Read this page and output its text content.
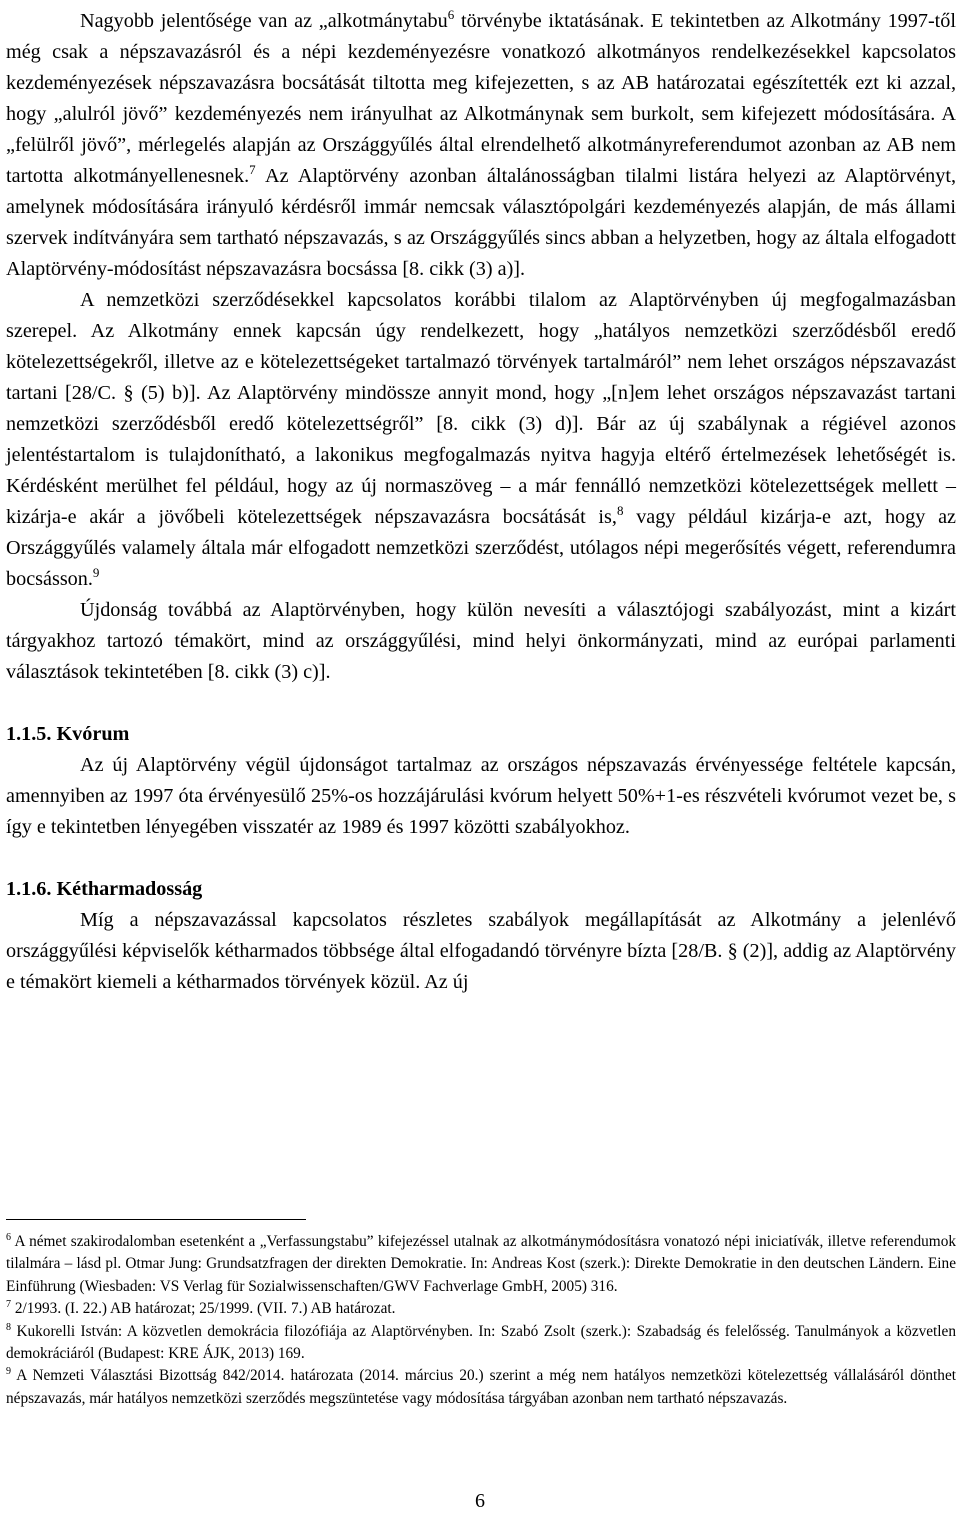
Nagyobb jelentősége van az „alkotmánytabu$^6$ törvénybe iktatásának. E tekintetben az Alkotmány 1997-től még csak a népszavazásról és a népi kezdeményezésre vonatkozó alkotmányos rendelkezésekkel kapcsolatos kezdeményezések népszavazásra bocsátását tiltotta meg kifejezetten, s az AB határozatai egészítették ezt ki azzal, hogy „alulról jövő” kezdeményezés nem irányulhat az Alkotmánynak sem burkolt, sem kifejezett módosítására. A „felülről jövő”, mérlegelés alapján az Országgyűlés által elrendelhető alkotmányreferendumot azonban az AB nem tartotta alkotmányellenesnek.$^7$ Az Alaptörvény azonban általánosságban tilalmi listára helyezi az Alaptörvényt, amelynek módosítására irányuló kérdésről immár nemcsak választópolgári kezdeményezés alapján, de más állami szervek indítványára sem tartható népszavazás, s az Országgyűlés sincs abban a helyzetben, hogy az általa elfogadott Alaptörvény-módosítást népszavazásra bocsássa [8. cikk (3) a)].

A nemzetközi szerződésekkel kapcsolatos korábbi tilalom az Alaptörvényben új megfogalmazásban szerepel. Az Alkotmány ennek kapcsán úgy rendelkezett, hogy „hatályos nemzetközi szerződésből eredő kötelezettségekről, illetve az e kötelezettségeket tartalmazó törvények tartalmáról” nem lehet országos népszavazást tartani [28/C. § (5) b)]. Az Alaptörvény mindössze annyit mond, hogy „[n]em lehet országos népszavazást tartani nemzetközi szerződésből eredő kötelezettségről” [8. cikk (3) d)]. Bár az új szabálynak a régiével azonos jelentéstartalom is tulajdonítható, a lakonikus megfogalmazás nyitva hagyja eltérő értelmezések lehetőségét is. Kérdésként merülhet fel például, hogy az új normaszöveg – a már fennálló nemzetközi kötelezettségek mellett – kizárja-e akár a jövőbeli kötelezettségek népszavazásra bocsátását is,$^8$ vagy például kizárja-e azt, hogy az Országgyűlés valamely általa már elfogadott nemzetközi szerződést, utólagos népi megerősítés végett, referendumra bocsásson.$^9$

Újdonság továbbá az Alaptörvényben, hogy külön nevesíti a választójogi szabályozást, mint a kizárt tárgyakhoz tartozó témakört, mind az országgyűlési, mind helyi önkormányzati, mind az európai parlamenti választások tekintetében [8. cikk (3) c)].

1.1.5. Kvórum

Az új Alaptörvény végül újdonságot tartalmaz az országos népszavazás érvényessége feltétele kapcsán, amennyiben az 1997 óta érvényesülő 25%-os hozzájárulási kvórum helyett 50%+1-es részvételi kvórumot vezet be, s így e tekintetben lényegében visszatér az 1989 és 1997 közötti szabályokhoz.

1.1.6. Kétharmadosság

Míg a népszavazással kapcsolatos részletes szabályok megállapítását az Alkotmány a jelenlévő országgyűlési képviselők kétharmados többsége által elfogadandó törvényre bízta [28/B. § (2)], addig az Alaptörvény e témakört kiemeli a kétharmados törvények közül. Az új

$^6$ A német szakirodalomban esetenként a „Verfassungstabu” kifejezéssel utalnak az alkotmánymódosításra vonatozó népi iniciatívák, illetve referendumok tilalmára – lásd pl. Otmar Jung: Grundsatzfragen der direkten Demokratie. In: Andreas Kost (szerk.): Direkte Demokratie in den deutschen Ländern. Eine Einführung (Wiesbaden: VS Verlag für Sozialwissenschaften/GWV Fachverlage GmbH, 2005) 316.

$^7$ 2/1993. (I. 22.) AB határozat; 25/1999. (VII. 7.) AB határozat.

$^8$ Kukorelli István: A közvetlen demokrácia filozófiája az Alaptörvényben. In: Szabó Zsolt (szerk.): Szabadság és felelősség. Tanulmányok a közvetlen demokráciáról (Budapest: KRE ÁJK, 2013) 169.

$^9$ A Nemzeti Választási Bizottság 842/2014. határozata (2014. március 20.) szerint a még nem hatályos nemzetközi kötelezettség vállalásáról dönthet népszavazás, már hatályos nemzetközi szerződés megszüntetése vagy módosítása tárgyában azonban nem tartható népszavazás.

6
